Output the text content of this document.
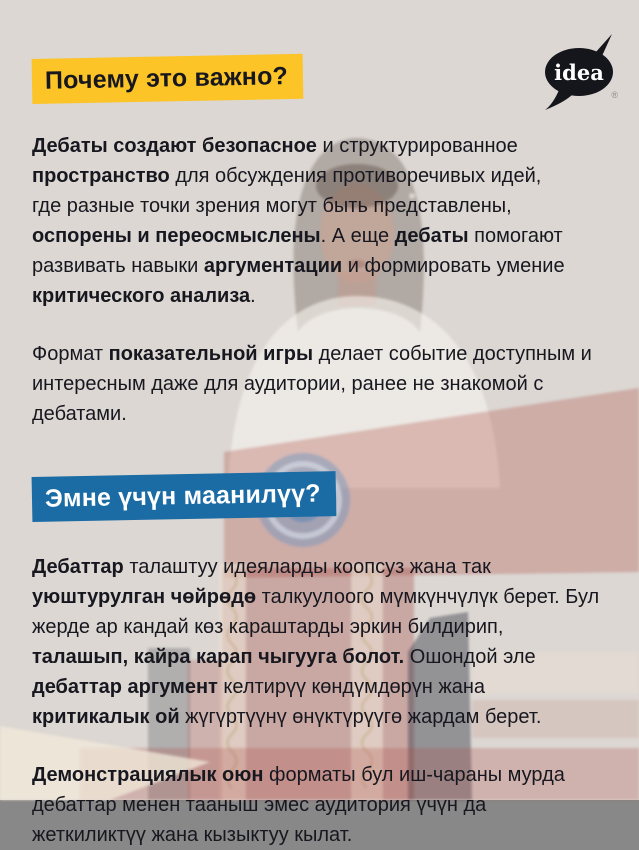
Почему это важно?

Дебаты создают безопасное и структурированное
пространство для обсуждения противоречивых идей,
где разные точки зрения могут быть представлены,
оспорены и переосмыслены. А еще дебаты помогают
развивать навыки аргументации и формировать умение
критического анализа.

Формат показательной игры делает событие доступным и
интересным даже для аудитории, ранее не знакомой с
дебатами.

Эмне үчүн маанилүү?

Дебаттар талаштуу идеяларды коопсуз жана так
уюштурулган чөйрөдө талкуулоого мүмкүнчүлүк берет. Бул
жерде ар кандай көз караштарды эркин билдирип,
талашып, кайра карап чыгууга болот. Ошондой эле
дебаттар аргумент келтирүү көндүмдөрүн жана
критикалык ой жүгүртүүнү өнүктүрүүгө жардам берет.

Демонстрациялык оюн форматы бул иш-чараны мурда
дебаттар менен тааныш эмес аудитория үчүн да
жеткиликтүү жана кызыктуу кылат.

idea
®
